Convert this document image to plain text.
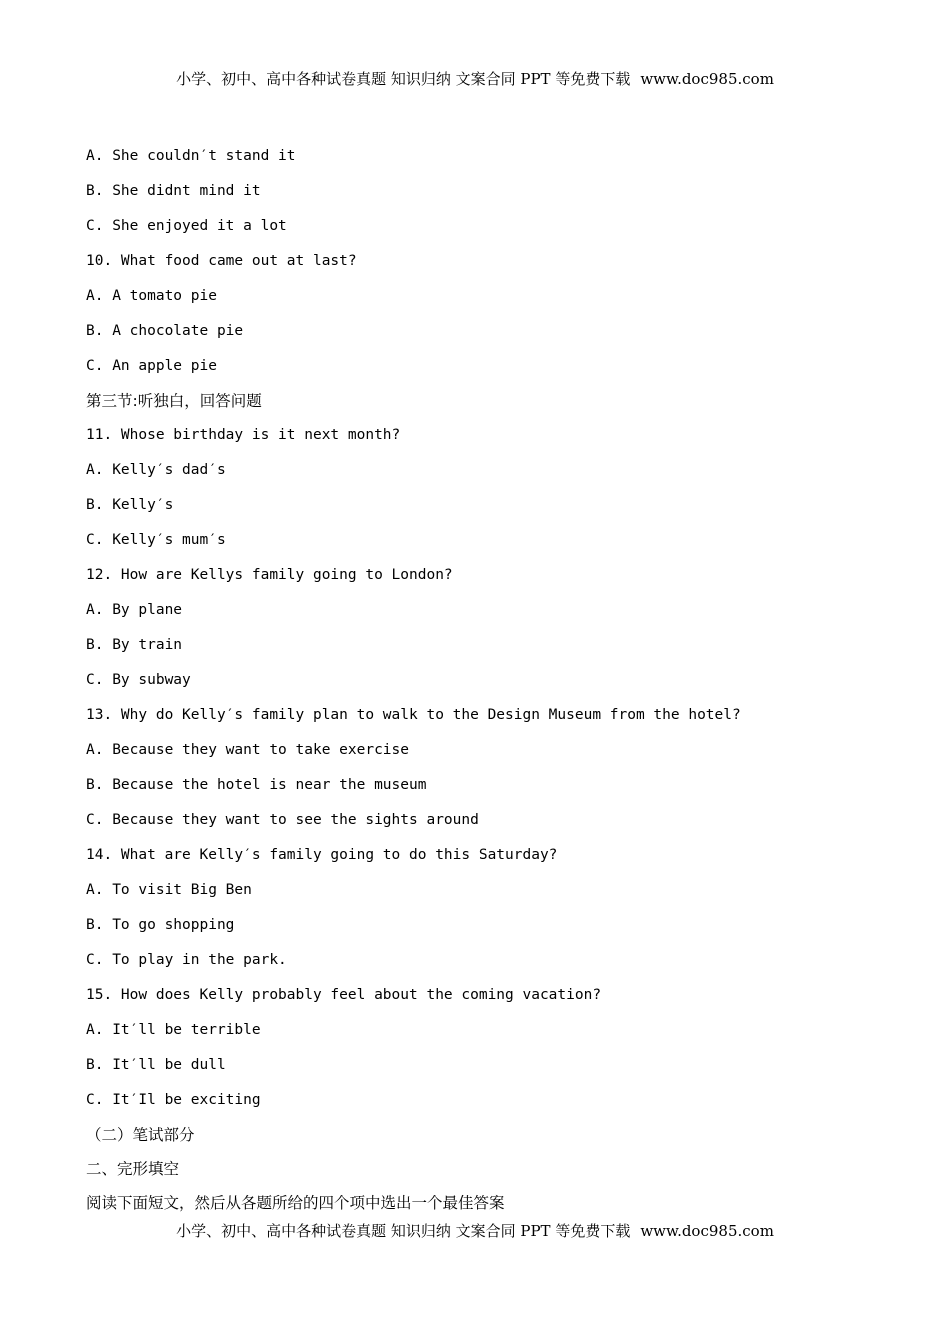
小学、初中、高中各种试卷真题 知识归纳 文案合同 PPT 等免费下载 www.doc985.com
A. She couldn′t stand it
B. She didnt mind it
C. She enjoyed it a lot
10. What food came out at last?
A. A tomato pie
B. A chocolate pie
C. An apple pie
第三节:听独白，回答问题
11. Whose birthday is it next month?
A. Kelly′s dad′s
B. Kelly′s
C. Kelly′s mum′s
12. How are Kellys family going to London?
A. By plane
B. By train
C. By subway
13. Why do Kelly′s family plan to walk to the Design Museum from the hotel?
A. Because they want to take exercise
B. Because the hotel is near the museum
C. Because they want to see the sights around
14. What are Kelly′s family going to do this Saturday?
A. To visit Big Ben
B. To go shopping
C. To play in the park.
15. How does Kelly probably feel about the coming vacation?
A. It′ll be terrible
B. It′ll be dull
C. It′Il be exciting
（二）笔试部分
二、完形填空
阅读下面短文，然后从各题所给的四个项中选出一个最佳答案
小学、初中、高中各种试卷真题 知识归纳 文案合同 PPT 等免费下载 www.doc985.com
